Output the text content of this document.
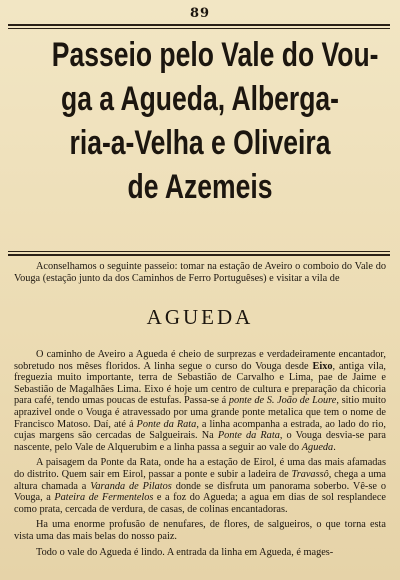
89
Passeio pelo Vale do Vou-
ga a Agueda, Alberga-
ria-a-Velha e Oliveira
de Azemeis

Aconselhamos o seguinte passeio: tomar na estação de Aveiro o comboio do Vale do Vouga (estação junto da dos Caminhos de Ferro Portuguêses) e visitar a vila de

AGUEDA

O caminho de Aveiro a Agueda é cheio de surprezas e verdadeiramente encantador, sobretudo nos mêses floridos. A linha segue o curso do Vouga desde Eixo, antiga vila, freguezia muito importante, terra de Sebastião de Carvalho e Lima, pae de Jaime e Sebastião de Magalhães Lima. Eixo é hoje um centro de cultura e preparação da chicoria para café, tendo umas poucas de estufas. Passa-se á ponte de S. João de Loure, sitio muito aprazivel onde o Vouga é atravessado por uma grande ponte metalica que tem o nome de Francisco Matoso. Daí, até á Ponte da Rata, a linha acompanha a estrada, ao lado do rio, cujas margens são cercadas de Salgueirais. Na Ponte da Rata, o Vouga desvia-se para nascente, pelo Vale de Alquerubim e a linha passa a seguir ao vale do Agueda.

A paisagem da Ponte da Rata, onde ha a estação de Eirol, é uma das mais afamadas do distrito. Quem sair em Eirol, passar a ponte e subir a ladeira de Travassô, chega a uma altura chamada a Varanda de Pilatos donde se disfruta um panorama soberbo. Vê-se o Vouga, a Pateira de Fermentelos e a foz do Agueda; a agua em dias de sol resplandece como prata, cercada de verdura, de casas, de colinas encantadoras.

Ha uma enorme profusão de nenufares, de flores, de salgueiros, o que torna esta vista uma das mais belas do nosso paiz.

Todo o vale do Agueda é lindo. A entrada da linha em Agueda, é mages-
